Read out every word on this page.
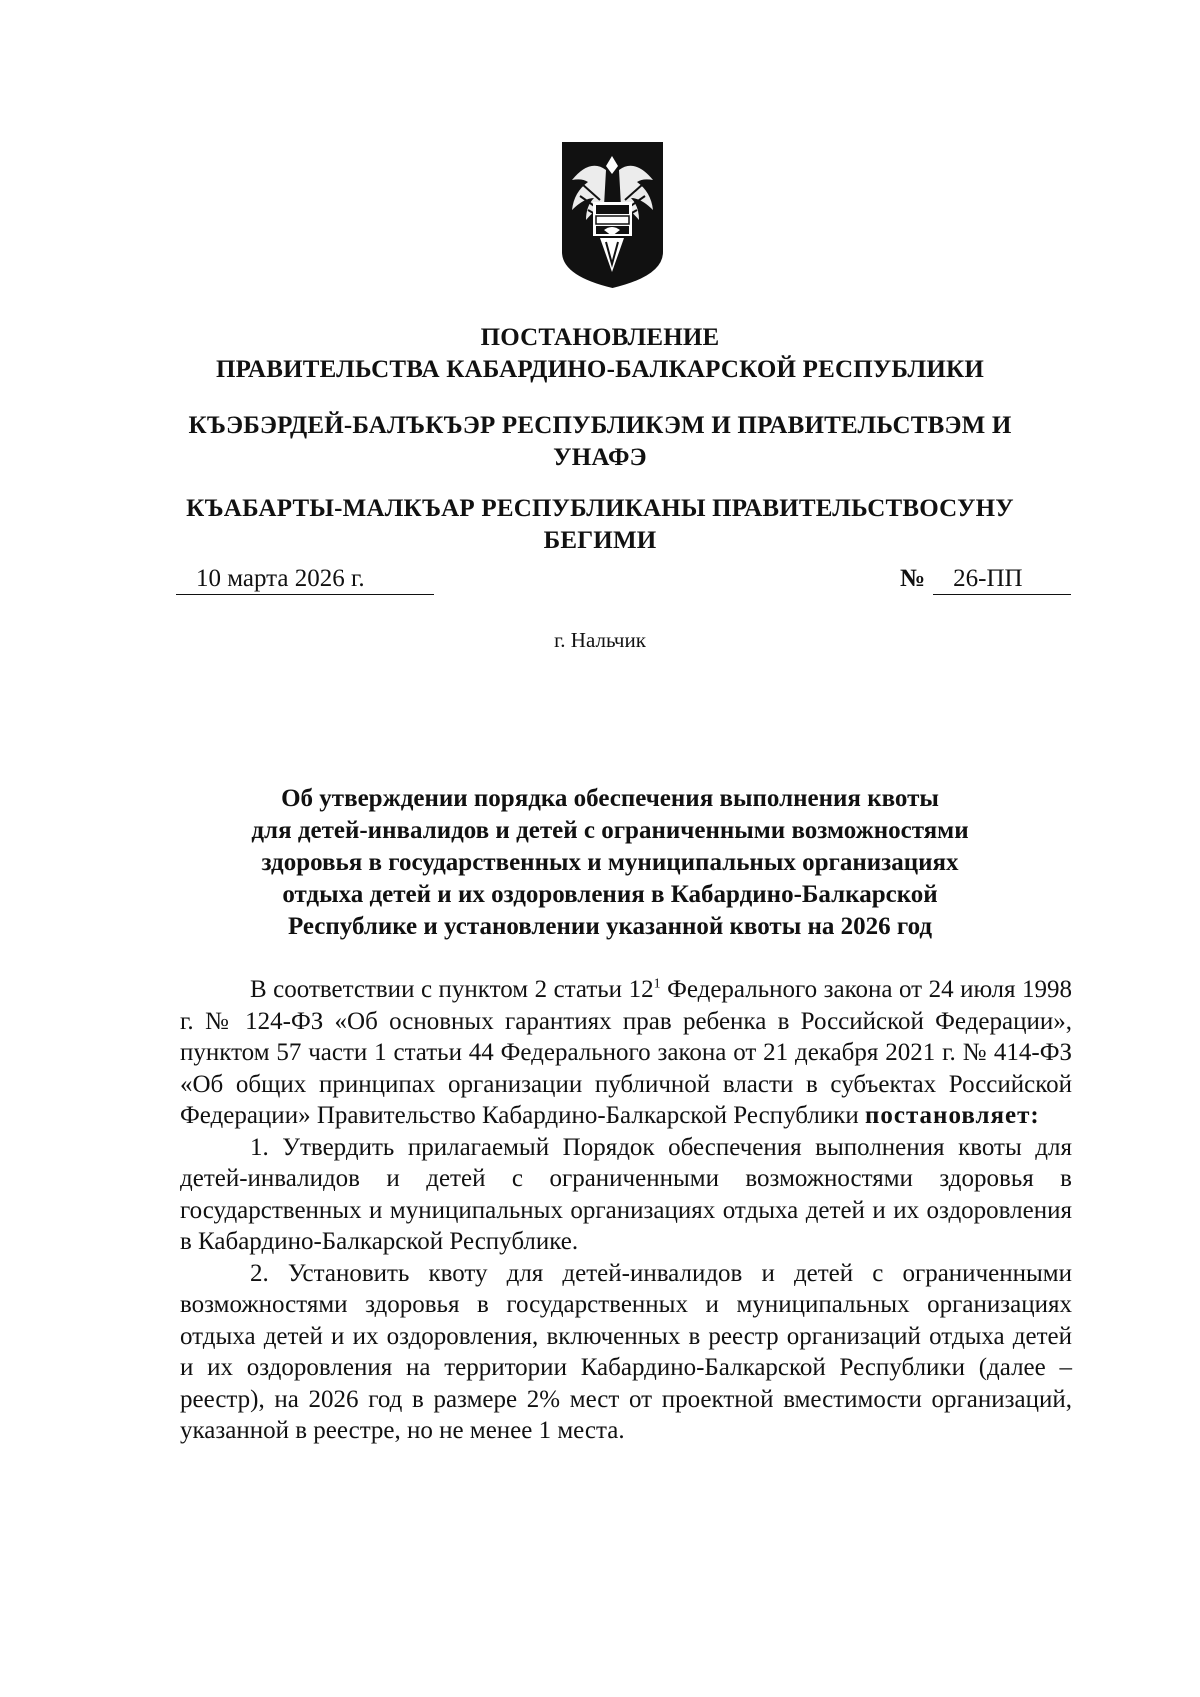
ПОСТАНОВЛЕНИЕ
ПРАВИТЕЛЬСТВА КАБАРДИНО-БАЛКАРСКОЙ РЕСПУБЛИКИ
КЪЭБЭРДЕЙ-БАЛЪКЪЭР РЕСПУБЛИКЭМ И ПРАВИТЕЛЬСТВЭМ И
УНАФЭ
КЪАБАРТЫ-МАЛКЪАР РЕСПУБЛИКАНЫ ПРАВИТЕЛЬСТВОСУНУ
БЕГИМИ
10 марта 2026 г.	№ 26-ПП
г. Нальчик
Об утверждении порядка обеспечения выполнения квоты
для детей-инвалидов и детей с ограниченными возможностями
здоровья в государственных и муниципальных организациях
отдыха детей и их оздоровления в Кабардино-Балкарской
Республике и установлении указанной квоты на 2026 год

В соответствии с пунктом 2 статьи $12^1$ Федерального закона от 24 июля 1998 г. № 124-ФЗ «Об основных гарантиях прав ребенка в Российской Федерации», пунктом 57 части 1 статьи 44 Федерального закона от 21 декабря 2021 г. № 414-ФЗ «Об общих принципах организации публичной власти в субъектах Российской Федерации» Правительство Кабардино-Балкарской Республики постановляет:

1. Утвердить прилагаемый Порядок обеспечения выполнения квоты для детей-инвалидов и детей с ограниченными возможностями здоровья в государственных и муниципальных организациях отдыха детей и их оздоровления в Кабардино-Балкарской Республике.

2. Установить квоту для детей-инвалидов и детей с ограниченными возможностями здоровья в государственных и муниципальных организациях отдыха детей и их оздоровления, включенных в реестр организаций отдыха детей и их оздоровления на территории Кабардино-Балкарской Республики (далее – реестр), на 2026 год в размере 2% мест от проектной вместимости организаций, указанной в реестре, но не менее 1 места.
